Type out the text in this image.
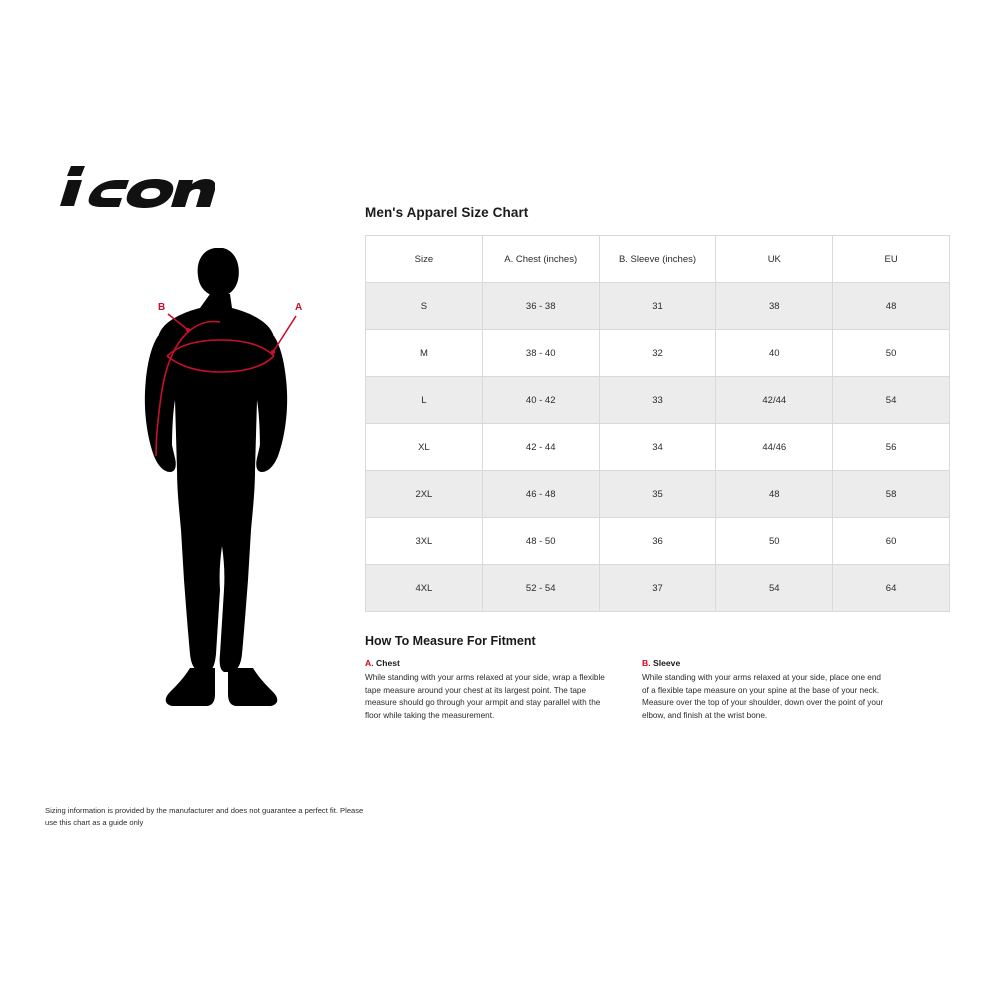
®
A
B
Men's Apparel Size Chart
Size	A. Chest (inches)	B. Sleeve (inches)	UK	EU
S	36 - 38	31	38	48
M	38 - 40	32	40	50
L	40 - 42	33	42/44	54
XL	42 - 44	34	44/46	56
2XL	46 - 48	35	48	58
3XL	48 - 50	36	50	60
4XL	52 - 54	37	54	64
How To Measure For Fitment
A. Chest
While standing with your arms relaxed at your side, wrap a flexible tape measure around your chest at its largest point. The tape measure should go through your armpit and stay parallel with the floor while taking the measurement.
B. Sleeve
While standing with your arms relaxed at your side, place one end of a flexible tape measure on your spine at the base of your neck. Measure over the top of your shoulder, down over the point of your elbow, and finish at the wrist bone.
Sizing information is provided by the manufacturer and does not guarantee a perfect fit. Please use this chart as a guide only
